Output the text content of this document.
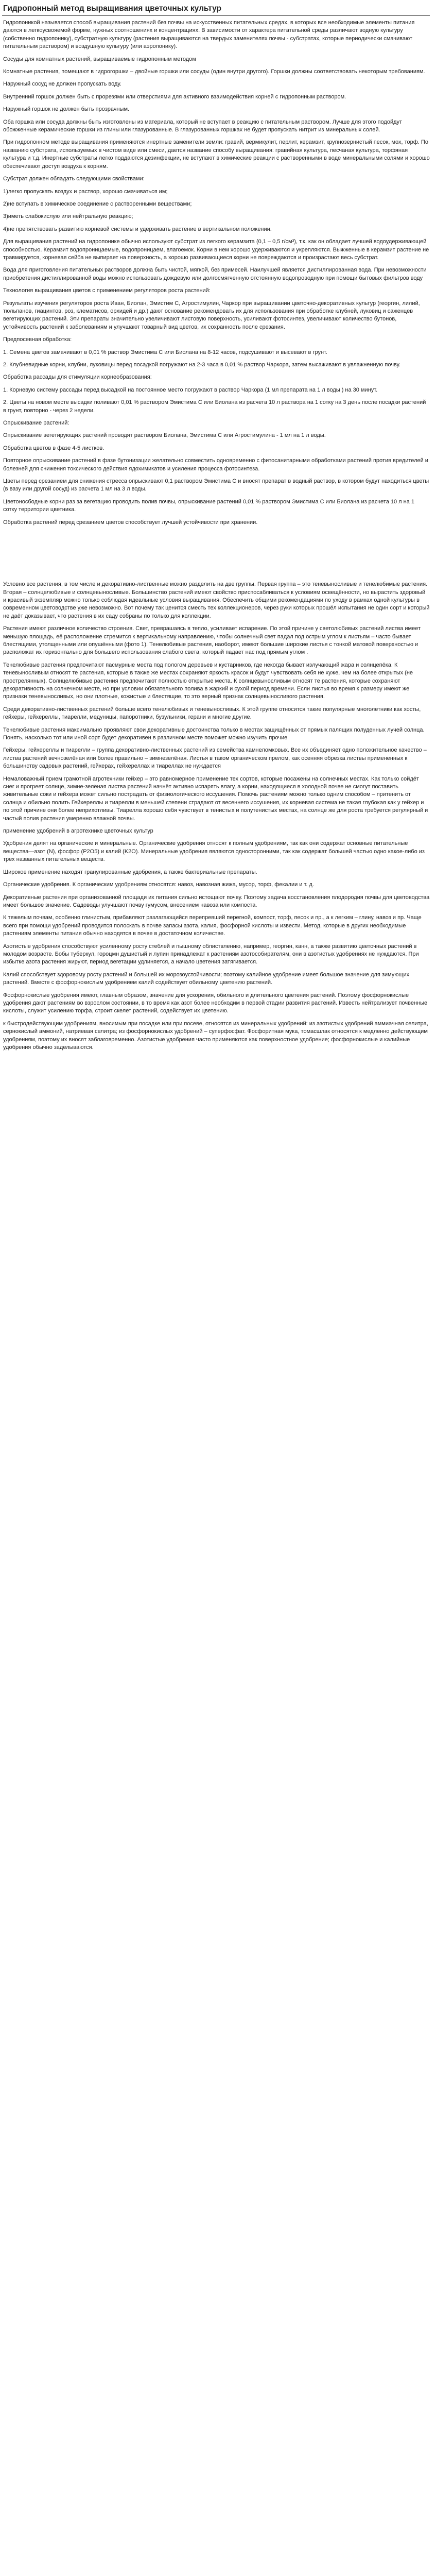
Гидропонный метод выращивания цветочных культур

Гидропоникой называется способ выращивания растений без почвы на искусственных питательных средах, в которых все необходимые элементы питания даются в легкоусвояемой форме, нужных соотношениях и концентрациях. В зависимости от характера питательной среды различают водную культуру (собственно гидропонику), субстратную культуру (растения выращиваются на твердых заменителях почвы - субстратах, которые периодически смачивают питательным раствором) и воздушную культуру (или аэропонику).

Сосуды для комнатных растений, выращиваемые гидропонным методом

Комнатные растения, помещают в гидрогоршки – двойные горшки или сосуды (один внутри другого). Горшки должны соответствовать некоторым требованиям.

Наружный сосуд не должен пропускать воду.

Внутренний горшок должен быть с прорезями или отверстиями для активного взаимодействия корней с гидропонным раствором.

Наружный горшок не должен быть прозрачным.

Оба горшка или сосуда должны быть изготовлены из материала, который не вступает в реакцию с питательным раствором. Лучше для этого подойдут обожженные керамические горшки из глины или глазурованные. В глазурованных горшках не будет пропускать нитрит из минеральных солей.

При гидропонном методе выращивания применяются инертные заменители земли: гравий, вермикулит, перлит, керамзит, крупнозернистый песок, мох, торф. По названию субстрата, используемых в чистом виде или смеси, дается название способу выращивания: гравийная культура, песчаная культура, торфяная культура и т.д. Инертные субстраты легко поддаются дезинфекции, не вступают в химические реакции с растворенными в воде минеральными солями и хорошо обеспечивают доступ воздуха к корням.

Субстрат должен обладать следующими свойствами:

1)легко пропускать воздух и раствор, хорошо смачиваться им;

2)не вступать в химическое соединение с растворенными веществами;

3)иметь слабокислую или нейтральную реакцию;

4)не препятствовать развитию корневой системы и удерживать растение в вертикальном положении.

Для выращивания растений на гидропонике обычно используют субстрат из легкого керамзита (0,1 – 0,5 г/см³), т.к. как он обладает лучшей водоудерживающей способностью. Керамзит водопроницаемые, водопроницаем, влагоемок. Корни в нем хорошо удерживаются и укрепляются. Выжженные в керамзит растение не травмируется, корневая сейба не выпирает на поверхность, а хорошо развивающиеся корни не повреждаются и произрастают весь субстрат.

Вода для приготовления питательных растворов должна быть чистой, мягкой, без примесей. Наилучшей является дистиллированная вода. При невозможности приобретения дистиллированной воды можно использовать дождевую или долгосмягченную отстоянную водопроводную при помощи бытовых фильтров воду

Технология выращивания цветов с применением регуляторов роста растений:

Результаты изучения регуляторов роста Иван, Биолан, Эмистим С, Агростимулин, Чаркор при выращивании цветочно-декоративных культур (георгин, лилий, тюльпанов, гиацинтов, роз, клематисов, орхидей и др.) дают основание рекомендовать их для использования при обработке клубней, луковиц и саженцев вегетирующих растений. Эти препараты значительно увеличивают листовую поверхность, усиливают фотосинтез, увеличивают количество бутонов, устойчивость растений к заболеваниям и улучшают товарный вид цветов, их сохранность после срезания.

Предпосевная обработка:

1. Семена цветов замачивают в 0,01 % раствор Эмистима С или Биолана на 8-12 часов, подсушивают и высевают в грунт.

2. Клубневидные корни, клубни, луковицы перед посадкой погружают на 2-3 часа в 0,01 % раствор Чаркора, затем высаживают в увлажненную почву.

Обработка рассады для стимуляции корнеобразования:

1. Корневую систему рассады перед высадкой на постоянное место погружают в раствор Чаркора (1 мл препарата на 1 л воды ) на 30 минут.

2. Цветы на новом месте высадки поливают 0,01 % раствором Эмистима С или Биолана из расчета 10 л раствора на 1 сотку на 3 день после посадки растений в грунт, повторно - через 2 недели.

Опрыскивание растений:

Опрыскивание вегетирующих растений проводят раствором Биолана, Эмистима С или Агростимулина - 1 мл на 1 л воды.

Обработка цветов в фазе 4-5 листков.

Повторное опрыскивание растений в фазе бутонизации желательно совместить одновременно с фитосанитарными обработками растений против вредителей и болезней для снижения токсического действия ядохимикатов и усиления процесса фотосинтеза.

Цветы перед срезанием для снижения стресса опрыскивают 0,1 раствором Эмистима С и вносят препарат в водный раствор, в котором будут находиться цветы (в вазу или другой сосуд) из расчета 1 мл на 3 л воды.

Цветоносбодные корни раз за вегетацию проводить полив почвы, опрыскивание растений 0,01 % раствором Эмистима С или Биолана из расчета 10 л на 1 сотку территории цветника.

Обработка растений перед срезанием цветов способствует лучшей устойчивости при хранении.

Условно все растения, в том числе и декоративно-лиственные можно разделить на две группы. Первая группа – это теневыносливые и тенелюбимые растения. Вторая – солнцелюбивые и солнцевыносливые. Большинство растений имеют свойство приспосабливаться к условиям освещённости, но вырастить здоровый и красивый экземпляр можно только соблюдая идеальные условия выращивания. Обеспечить общими рекомендациями по уходу в рамках одной культуры в современном цветоводстве уже невозможно. Вот почему так ценится сместь тех коллекционеров, через руки которых прошёл испытания не один сорт и который не даёт доказывает, что растения в их саду собраны по только для коллекции.

Растения имеют различное количество строения. Свет, преврашаясь в тепло, усиливает испарение. По этой причине у светолюбивых растений листва имеет меньшую площадь, её расположение стремится к вертикальному направлению, чтобы солнечный свет падал под острым углом к листьям – часто бывает блестящими, утолщенными или опушёнными (фото 1). Тенелюбивые растения, наоборот, имеют большие широкие листья с тонкой матовой поверхностью и расположат их горизонтально для большего использования слабого света, который падает нас под прямым углом .

Тенелюбивые растения предпочитают пасмурные места под пологом деревьев и кустарников, где некогда бывает излучающий жара и солнцепёка. К теневыносливым относят те растения, которые в также же местах сохраняют яркость красок и будут чувствовать себя не хуже, чем на более открытых (не прострелянных). Солнцелюбивые растения предпочитают полностью открытые места. К солнцевыносливым относят те растения, которые сохраняют декоративность на солнечном месте, но при условии обязательного полива в жаркий и сухой период времени. Если листья во время к размеру имеют же признаки теневыносливых, но они плотные, кожистые и блестящие, то это верный признак солнцевыносливого растения.

Среди декоративно-лиственных растений больше всего тенелюбивых и теневыносливых. К этой группе относится такие популярные многолетники как хосты, гейхеры, гейхереллы, тиарелли, медуницы, папоротники, бузульники, герани и многие другие.

Тенелюбивые растения максимально проявляют свои декоративные достоинства только в местах защищённых от прямых палящих полуденных лучей солнца. Понять, насколько тот или иной сорт будет декоративен в различном месте поможет можно изучить прочие

Гейхеры, гейхереллы и тиарелли – группа декоративно-лиственных растений из семейства камнеломковых. Все их объединяет одно положительное качество – листва растений вечнозелёная или более правильно – зимнезелёная. Листья в таком органическом прелом, как осенняя обрезка листвы примененных к большинству садовых растений, гейхерах, гейхереллах и тиареллах не нуждается

Немаловажный прием грамотной агротехники гейхер – это равномерное применение тех сортов, которые посажены на солнечных местах. Как только сойдёт снег и прогреет солнце, зимне-зелёная листва растений начнёт активно испарять влагу, а корни, находящиеся в холодной почве не смогут поставить живительные соки и гейхера может сильно пострадать от физиологического иссушения. Помочь растениям можно только одним способом – притенить от солнца и обильно полить Гейхереллы и тиарелли в меньшей степени страдают от весеннего иссушения, их корневая система не такая глубокая как у гейхер и по этой причине они более неприхотливы. Тиарелла хорошо себя чувствует в тенистых и полутенистых местах, на солнце же для роста требуется регулярный и частый полив растения умеренно влажной почвы.

применение удобрений в агротехнике цветочных культур

Удобрения делят на органические и минеральные. Органические удобрения относят к полным удобрениям, так как они содержат основные питательные вещества—азот (N), фосфор (P2O5) и калий (K2O). Минеральные удобрения являются односторонними, так как содержат большей частью одно какое-либо из трех названных питательных веществ.

Широкое применение находят гранулированные удобрения, а также бактериальные препараты.

Органические удобрения. К органическим удобрениям относятся: навоз, навозная жижа, мусор, торф, фекалии и т. д.

Декоративные растения при организованной площади их питания сильно истощают почву. Поэтому задача восстановления плодородия почвы для цветоводства имеет большое значение. Садоводы улучшают почву гумусом, внесением навоза или компоста.

К тяжелым почвам, особенно глинистым, прибавляют разлагающийся перепревший перегной, компост, торф, песок и пр., а к легким – глину, навоз и пр. Чаще всего при помощи удобрений проводится полоскать в почве запасы азота, калия, фосфорной кислоты и извести. Метод, которые в других необходимые растениям элементы питания обычно находятся в почве в достаточном количестве.

Азотистые удобрения способствуют усиленному росту стеблей и пышному облиствлению, например, георгин, канн, а также развитию цветочных растений в молодом возрасте. Бобы туберкул, гороцмн душистый и лупин принадлежат к растениям азотособирателям, они в азотистых удобрениях не нуждаются. При избытке азота растения жируют, период вегетации удлиняется, а начало цветения затягивается.

Калий способствует здоровому росту растений и большей их морозоустойчивости; поэтому калийное удобрение имеет большое значение для зимующих растений. Вместе с фосфорнокислым удобрением калий содействует обильному цветению растений.

Фосфорнокислые удобрения имеют, главным образом, значение для ускорения, обильного и длительного цветения растений. Поэтому фосфорнокислые удобрения дают растениям во взрослом состоянии, в то время как азот более необходим в первой стадии развития растений. Известь нейтрализует почвенные кислоты, служит усилению торфа, строит скелет растений, содействует их цветению.

к быстродействующим удобрениям, вносимым при посадке или при посеве, относятся из минеральных удобрений: из азотистых удобрений аммиачная селитра, сернокислый аммоний, натриевая селитра; из фосфорнокислых удобрений – суперфосфат. Фосфоритная мука, томасшлак относятся к медленно действующим удобрениям, поэтому их вносят заблаговременно. Азотистые удобрения часто применяются как поверхностное удобрение; фосфорнокислые и калийные удобрения обычно заделываются.
